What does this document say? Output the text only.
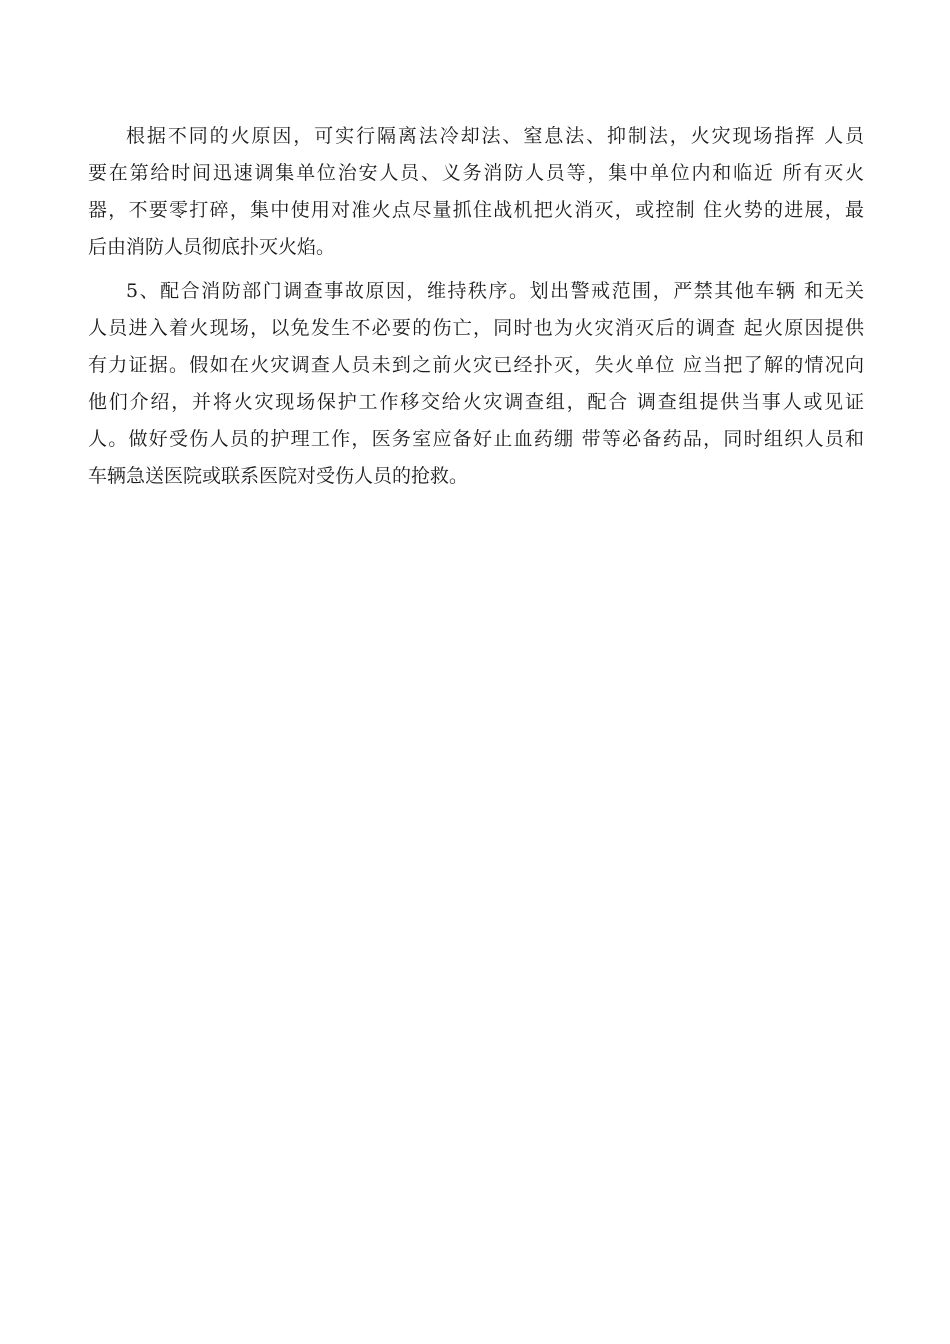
根据不同的火原因，可实行隔离法冷却法、窒息法、抑制法，火灾现场指挥 人员
要在第给时间迅速调集单位治安人员、义务消防人员等，集中单位内和临近 所有灭火
器，不要零打碎，集中使用对准火点尽量抓住战机把火消灭，或控制 住火势的进展，最
后由消防人员彻底扑灭火焰。
5、配合消防部门调查事故原因，维持秩序。划出警戒范围，严禁其他车辆 和无关
人员进入着火现场，以免发生不必要的伤亡，同时也为火灾消灭后的调查 起火原因提供
有力证据。假如在火灾调查人员未到之前火灾已经扑灭，失火单位 应当把了解的情况向
他们介绍，并将火灾现场保护工作移交给火灾调查组，配合 调查组提供当事人或见证
人。做好受伤人员的护理工作，医务室应备好止血药绷 带等必备药品，同时组织人员和
车辆急送医院或联系医院对受伤人员的抢救。
